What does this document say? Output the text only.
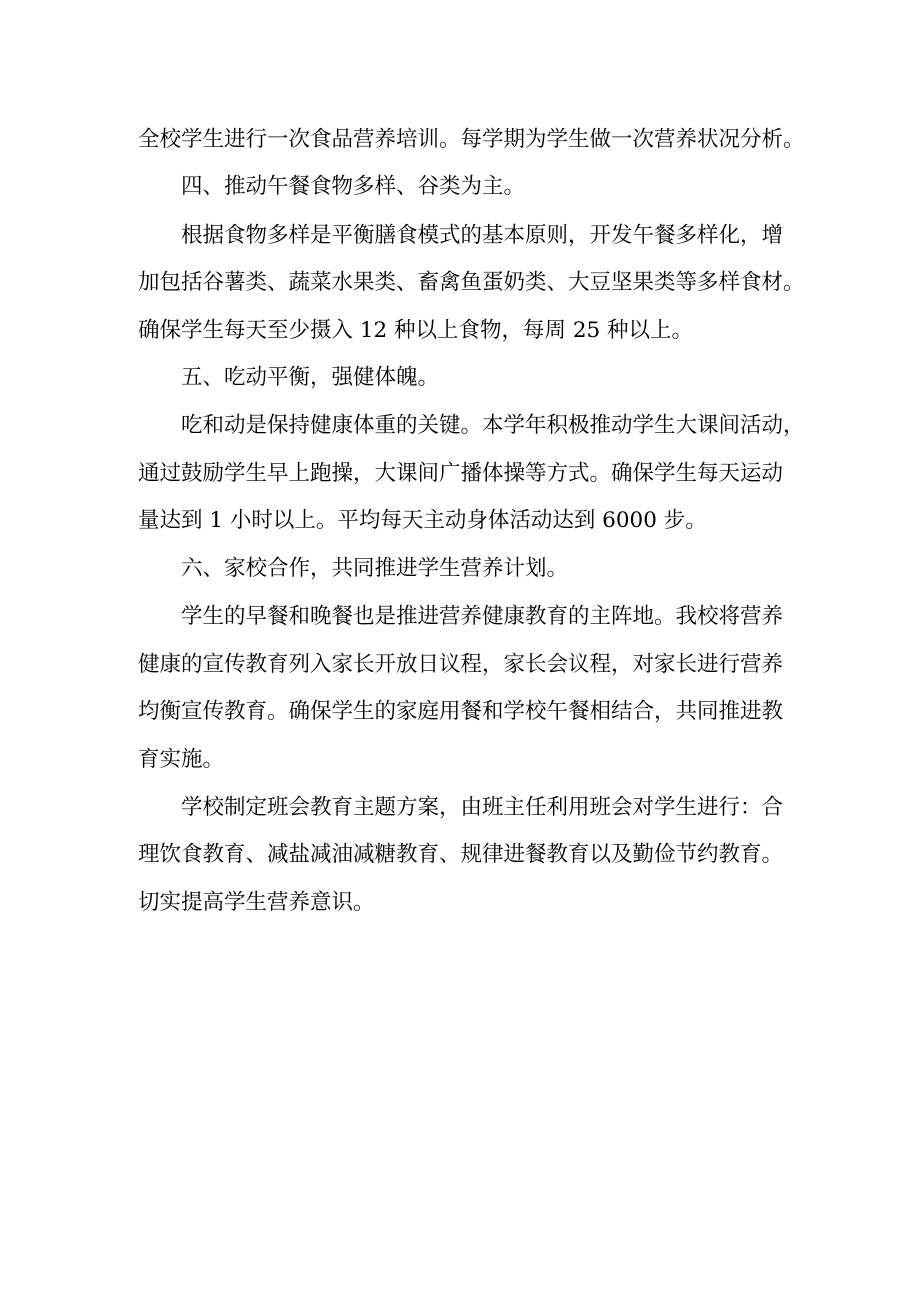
全校学生进行一次食品营养培训。每学期为学生做一次营养状况分析。

四、推动午餐食物多样、谷类为主。

根据食物多样是平衡膳食模式的基本原则，开发午餐多样化，增

加包括谷薯类、蔬菜水果类、畜禽鱼蛋奶类、大豆坚果类等多样食材。

确保学生每天至少摄入 12 种以上食物，每周 25 种以上。

五、吃动平衡，强健体魄。

吃和动是保持健康体重的关键。本学年积极推动学生大课间活动，

通过鼓励学生早上跑操，大课间广播体操等方式。确保学生每天运动

量达到 1 小时以上。平均每天主动身体活动达到 6000 步。

六、家校合作，共同推进学生营养计划。

学生的早餐和晚餐也是推进营养健康教育的主阵地。我校将营养

健康的宣传教育列入家长开放日议程，家长会议程，对家长进行营养

均衡宣传教育。确保学生的家庭用餐和学校午餐相结合，共同推进教

育实施。

学校制定班会教育主题方案，由班主任利用班会对学生进行：合

理饮食教育、减盐减油减糖教育、规律进餐教育以及勤俭节约教育。

切实提高学生营养意识。
